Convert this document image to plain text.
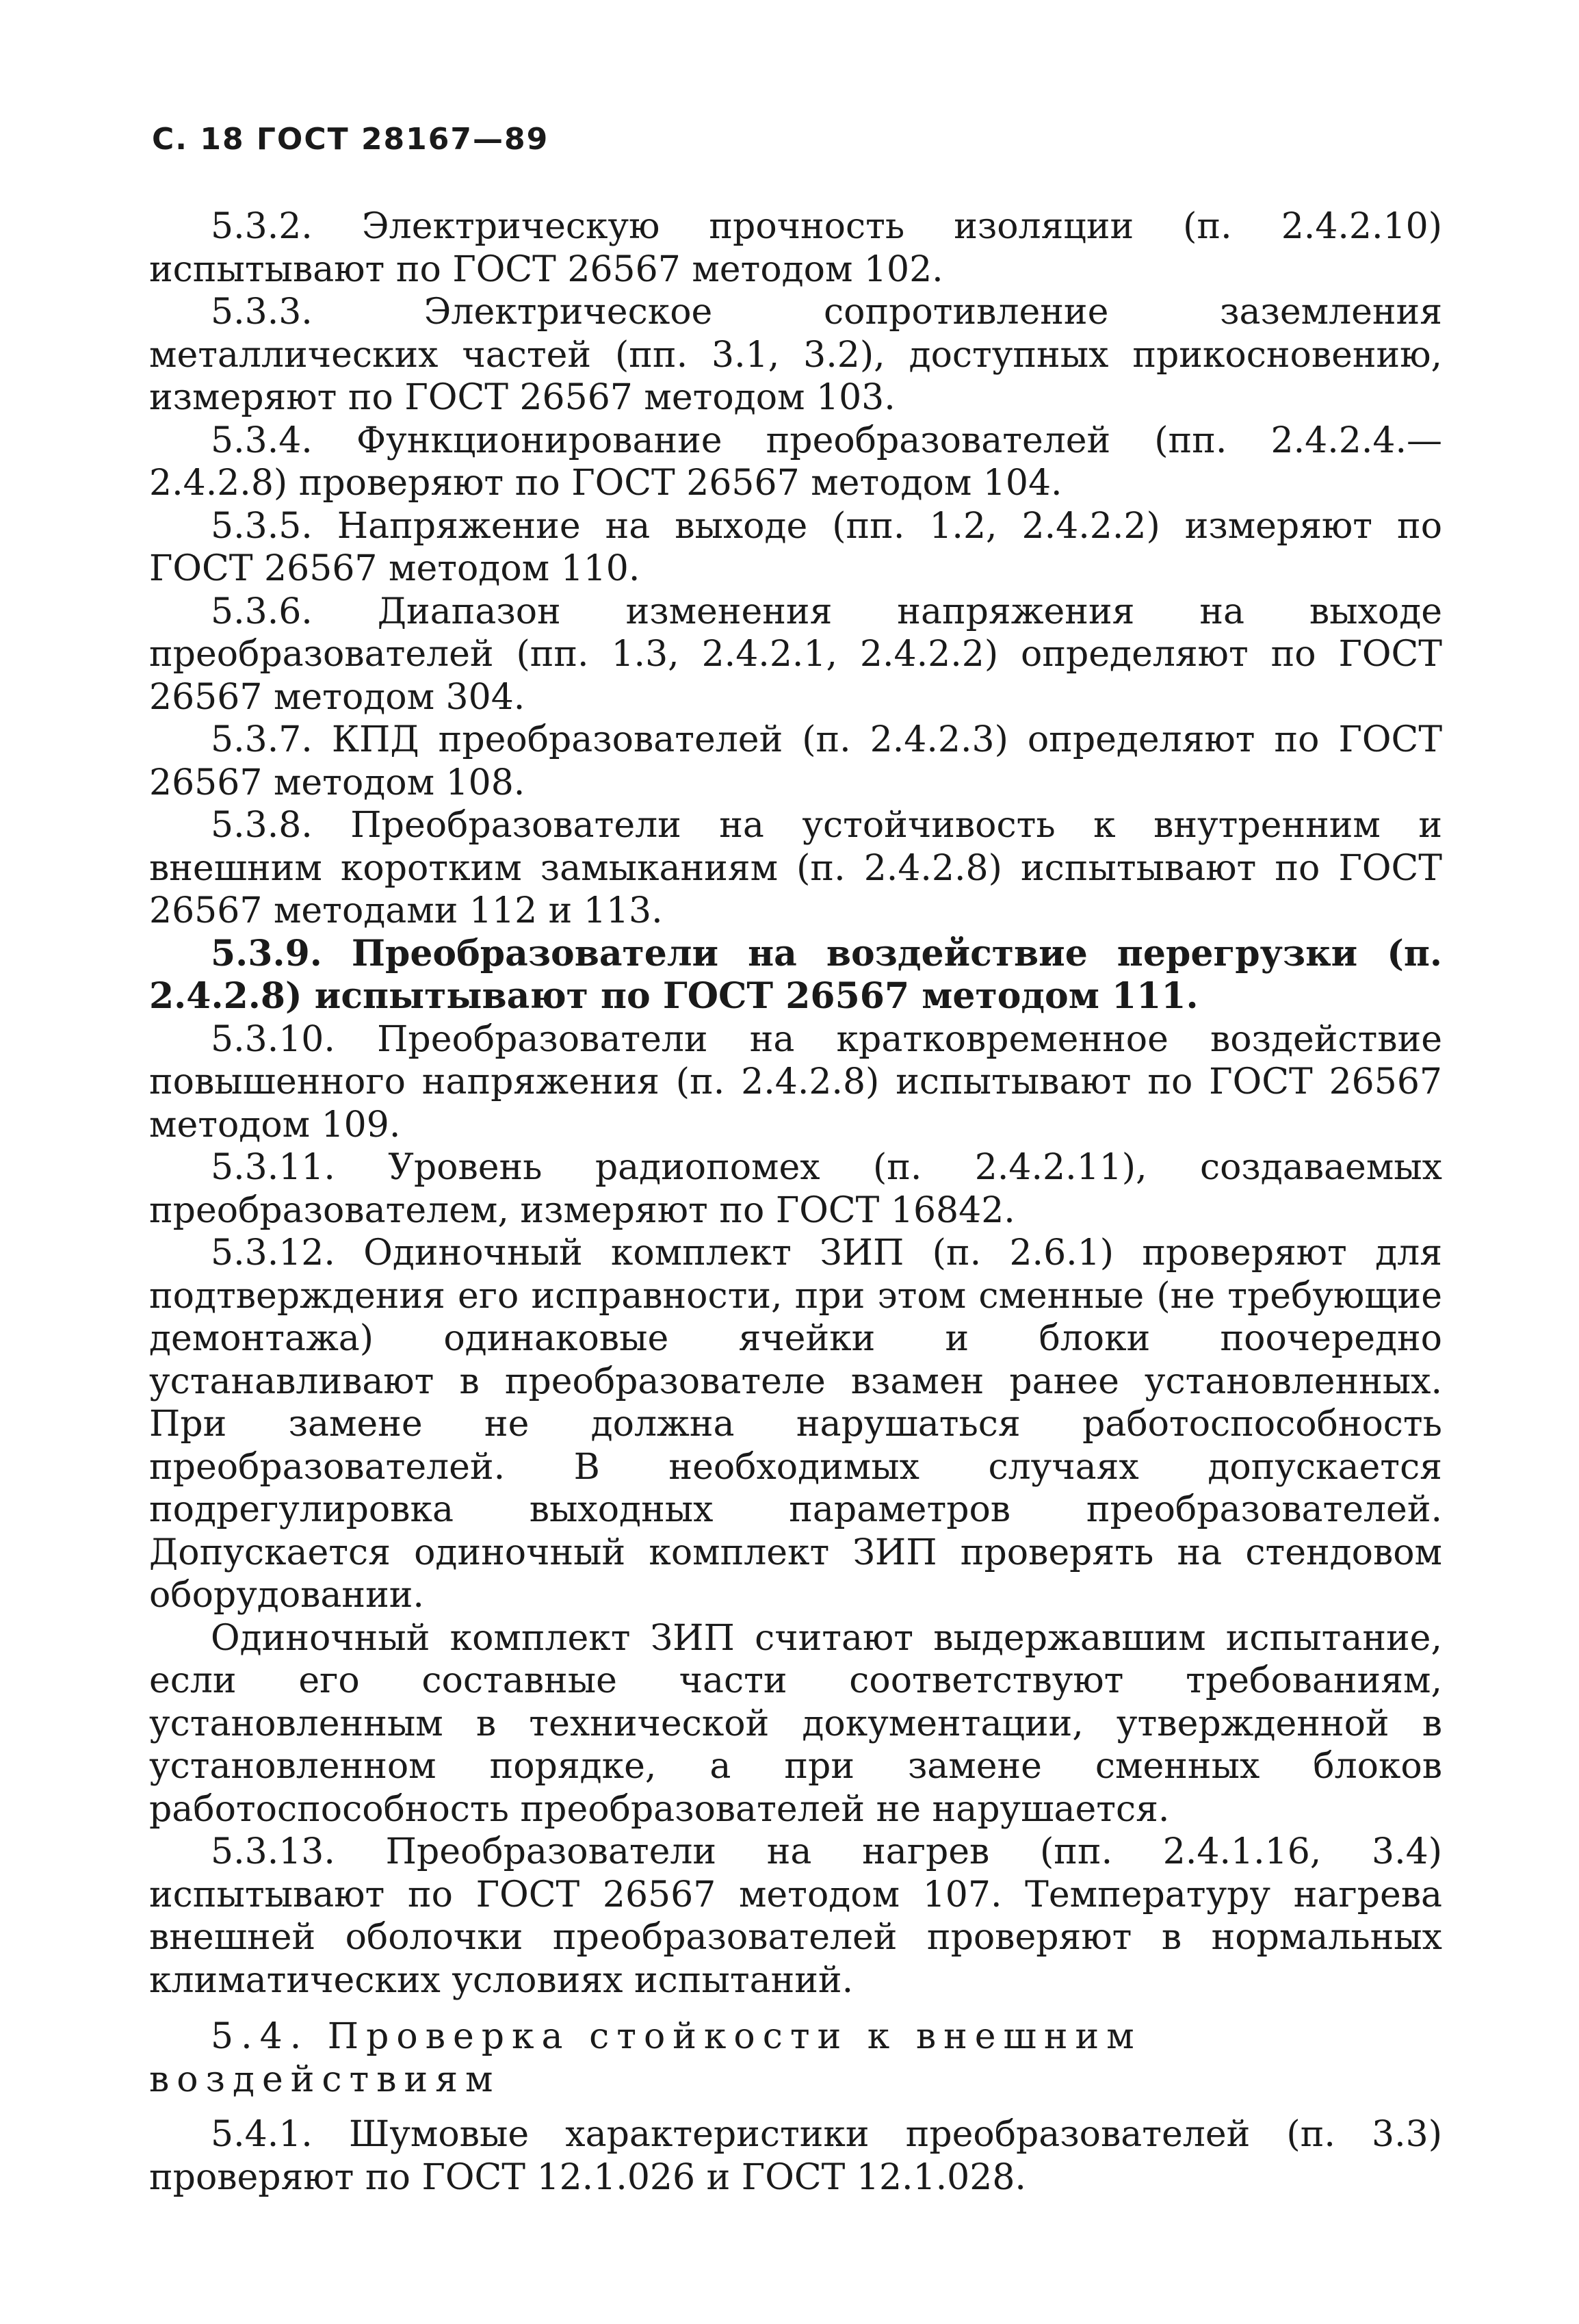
С. 18 ГОСТ 28167—89

5.3.2. Электрическую прочность изоляции (п. 2.4.2.10) испытывают по ГОСТ 26567 методом 102.

5.3.3. Электрическое сопротивление заземления металлических частей (пп. 3.1, 3.2), доступных прикосновению, измеряют по ГОСТ 26567 методом 103.

5.3.4. Функционирование преобразователей (пп. 2.4.2.4.— 2.4.2.8) проверяют по ГОСТ 26567 методом 104.

5.3.5. Напряжение на выходе (пп. 1.2, 2.4.2.2) измеряют по ГОСТ 26567 методом 110.

5.3.6. Диапазон изменения напряжения на выходе преобразователей (пп. 1.3, 2.4.2.1, 2.4.2.2) определяют по ГОСТ 26567 методом 304.

5.3.7. КПД преобразователей (п. 2.4.2.3) определяют по ГОСТ 26567 методом 108.

5.3.8. Преобразователи на устойчивость к внутренним и внешним коротким замыканиям (п. 2.4.2.8) испытывают по ГОСТ 26567 методами 112 и 113.

5.3.9. Преобразователи на воздействие перегрузки (п. 2.4.2.8) испытывают по ГОСТ 26567 методом 111.

5.3.10. Преобразователи на кратковременное воздействие повышенного напряжения (п. 2.4.2.8) испытывают по ГОСТ 26567 методом 109.

5.3.11. Уровень радиопомех (п. 2.4.2.11), создаваемых преобразователем, измеряют по ГОСТ 16842.

5.3.12. Одиночный комплект ЗИП (п. 2.6.1) проверяют для подтверждения его исправности, при этом сменные (не требующие демонтажа) одинаковые ячейки и блоки поочередно устанавливают в преобразователе взамен ранее установленных. При замене не должна нарушаться работоспособность преобразователей. В необходимых случаях допускается подрегулировка выходных параметров преобразователей. Допускается одиночный комплект ЗИП проверять на стендовом оборудовании.

Одиночный комплект ЗИП считают выдержавшим испытание, если его составные части соответствуют требованиям, установленным в технической документации, утвержденной в установленном порядке, а при замене сменных блоков работоспособность преобразователей не нарушается.

5.3.13. Преобразователи на нагрев (пп. 2.4.1.16, 3.4) испытывают по ГОСТ 26567 методом 107. Температуру нагрева внешней оболочки преобразователей проверяют в нормальных климатических условиях испытаний.

5.4. Проверка стойкости к внешним воздействиям

5.4.1. Шумовые характеристики преобразователей (п. 3.3) проверяют по ГОСТ 12.1.026 и ГОСТ 12.1.028.
